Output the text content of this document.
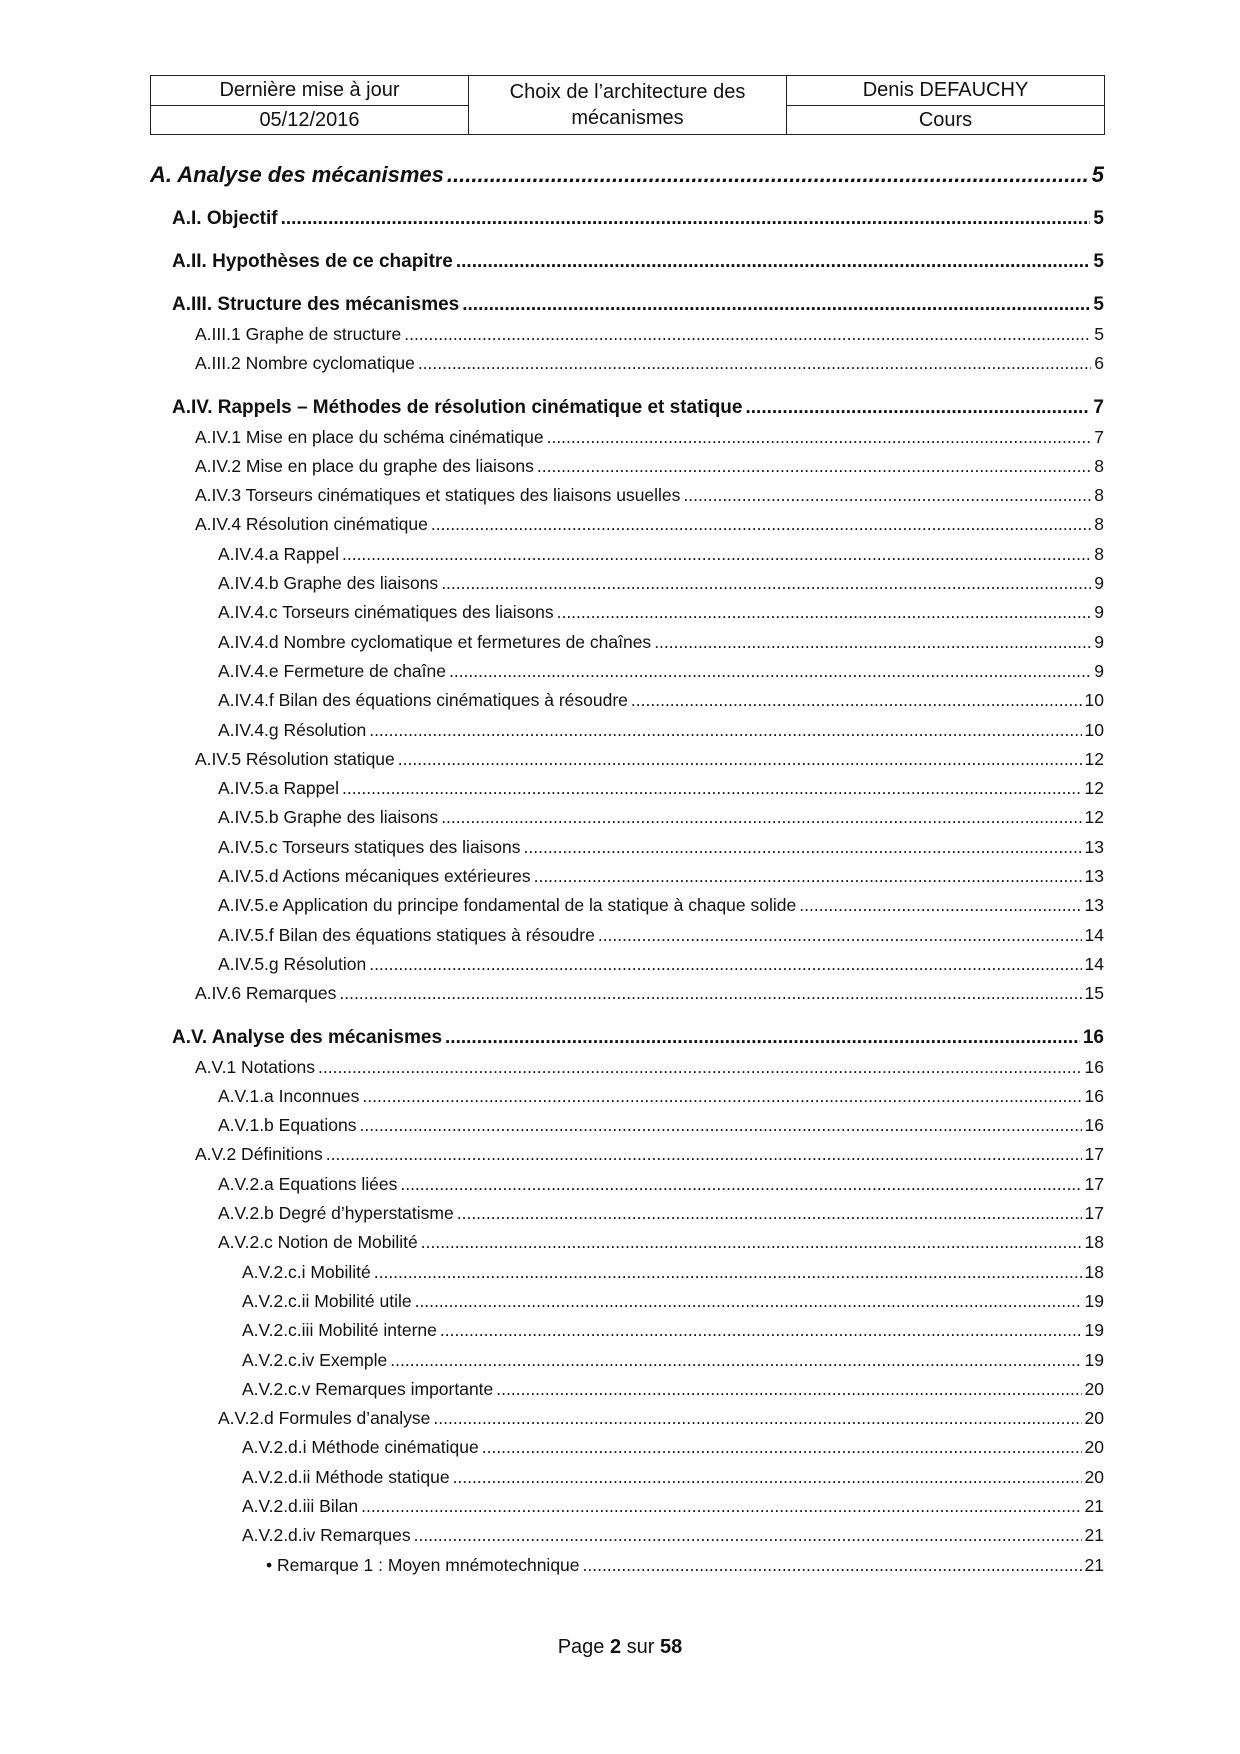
Dernière mise à jour	Choix de l’architecture des mécanismes	Denis DEFAUCHY
05/12/2016		Cours
A. Analyse des mécanismes .....	5
A.I. Objectif .....	5
A.II. Hypothèses de ce chapitre .....	5
A.III. Structure des mécanismes .....	5
A.III.1 Graphe de structure .....	5
A.III.2 Nombre cyclomatique .....	6
A.IV. Rappels – Méthodes de résolution cinématique et statique .....	7
A.IV.1 Mise en place du schéma cinématique .....	7
A.IV.2 Mise en place du graphe des liaisons .....	8
A.IV.3 Torseurs cinématiques et statiques des liaisons usuelles .....	8
A.IV.4 Résolution cinématique .....	8
A.IV.4.a Rappel .....	8
A.IV.4.b Graphe des liaisons .....	9
A.IV.4.c Torseurs cinématiques des liaisons .....	9
A.IV.4.d Nombre cyclomatique et fermetures de chaînes .....	9
A.IV.4.e Fermeture de chaîne .....	9
A.IV.4.f Bilan des équations cinématiques à résoudre .....	10
A.IV.4.g Résolution .....	10
A.IV.5 Résolution statique .....	12
A.IV.5.a Rappel .....	12
A.IV.5.b Graphe des liaisons .....	12
A.IV.5.c Torseurs statiques des liaisons .....	13
A.IV.5.d Actions mécaniques extérieures .....	13
A.IV.5.e Application du principe fondamental de la statique à chaque solide .....	13
A.IV.5.f Bilan des équations statiques à résoudre .....	14
A.IV.5.g Résolution .....	14
A.IV.6 Remarques .....	15
A.V. Analyse des mécanismes .....	16
A.V.1 Notations .....	16
A.V.1.a Inconnues .....	16
A.V.1.b Equations .....	16
A.V.2 Définitions .....	17
A.V.2.a Equations liées .....	17
A.V.2.b Degré d’hyperstatisme .....	17
A.V.2.c Notion de Mobilité .....	18
A.V.2.c.i Mobilité .....	18
A.V.2.c.ii Mobilité utile .....	19
A.V.2.c.iii Mobilité interne .....	19
A.V.2.c.iv Exemple .....	19
A.V.2.c.v Remarques importante .....	20
A.V.2.d Formules d’analyse .....	20
A.V.2.d.i Méthode cinématique .....	20
A.V.2.d.ii Méthode statique .....	20
A.V.2.d.iii Bilan .....	21
A.V.2.d.iv Remarques .....	21
• Remarque 1 : Moyen mnémotechnique .....	21
Page 2 sur 58
